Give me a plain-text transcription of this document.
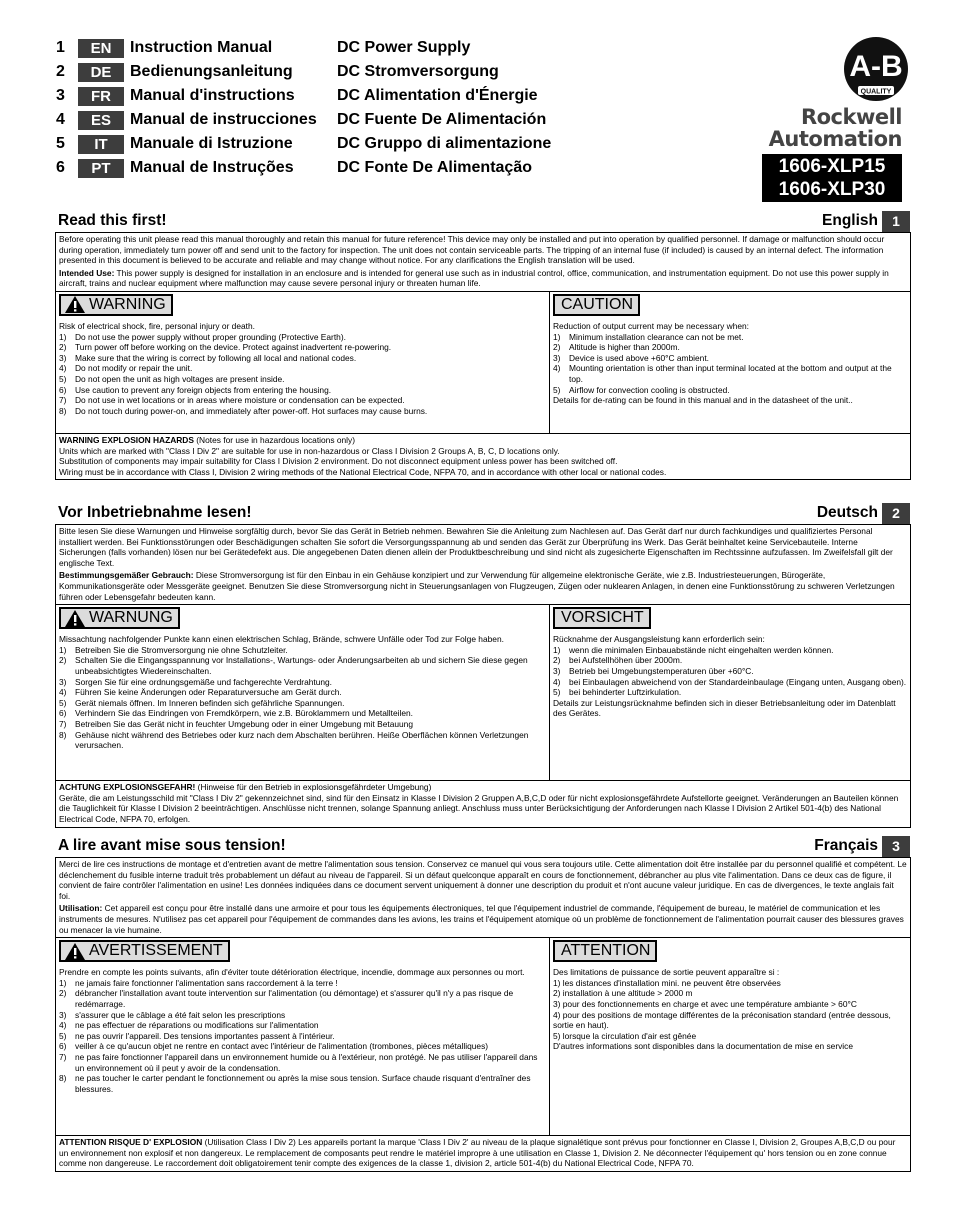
1	EN	Instruction Manual	DC Power Supply
2	DE	Bedienungsanleitung	DC Stromversorgung
3	FR	Manual d'instructions	DC Alimentation d'Énergie
4	ES	Manual de instrucciones	DC Fuente De Alimentación
5	IT	Manuale di Istruzione	DC Gruppo di alimentazione
6	PT	Manual de Instruções	DC Fonte De Alimentação
A-B
QUALITY
Rockwell
Automation
1606-XLP15
1606-XLP30
Read this first!	English	1

Before operating this unit please read this manual thoroughly and retain this manual for future reference! This device may only be installed and put into operation by qualified personnel. If damage or malfunction should occur during operation, immediately turn power off and send unit to the factory for inspection. The unit does not contain serviceable parts. The tripping of an internal fuse (if included) is caused by an internal defect. The information presented in this document is believed to be accurate and reliable and may change without notice. For any clarifications the English translation will be used.

Intended Use: This power supply is designed for installation in an enclosure and is intended for general use such as in industrial control, office, communication, and instrumentation equipment. Do not use this power supply in aircraft, trains and nuclear equipment where malfunction may cause severe personal injury or threaten human life.

WARNING
Risk of electrical shock, fire, personal injury or death.
1) Do not use the power supply without proper grounding (Protective Earth).
2) Turn power off before working on the device. Protect against inadvertent re-powering.
3) Make sure that the wiring is correct by following all local and national codes.
4) Do not modify or repair the unit.
5) Do not open the unit as high voltages are present inside.
6) Use caution to prevent any foreign objects from entering the housing.
7) Do not use in wet locations or in areas where moisture or condensation can be expected.
8) Do not touch during power-on, and immediately after power-off. Hot surfaces may cause burns.
CAUTION
Reduction of output current may be necessary when:
1) Minimum installation clearance can not be met.
2) Altitude is higher than 2000m.
3) Device is used above +60°C ambient.
4) Mounting orientation is other than input terminal located at the bottom and output at the top.
5) Airflow for convection cooling is obstructed.
Details for de-rating can be found in this manual and in the datasheet of the unit..

WARNING EXPLOSION HAZARDS (Notes for use in hazardous locations only)

Units which are marked with "Class I Div 2" are suitable for use in non-hazardous or Class I Division 2 Groups A, B, C, D locations only.

Substitution of components may impair suitability for Class I Division 2 environment. Do not disconnect equipment unless power has been switched off.

Wiring must be in accordance with Class I, Division 2 wiring methods of the National Electrical Code, NFPA 70, and in accordance with other local or national codes.

Vor Inbetriebnahme lesen!	Deutsch	2

Bitte lesen Sie diese Warnungen und Hinweise sorgfältig durch, bevor Sie das Gerät in Betrieb nehmen. Bewahren Sie die Anleitung zum Nachlesen auf. Das Gerät darf nur durch fachkundiges und qualifiziertes Personal installiert werden. Bei Funktionsstörungen oder Beschädigungen schalten Sie sofort die Versorgungsspannung ab und senden das Gerät zur Überprüfung ins Werk. Das Gerät beinhaltet keine Servicebauteile. Interne Sicherungen (falls vorhanden) lösen nur bei Gerätedefekt aus. Die angegebenen Daten dienen allein der Produktbeschreibung und sind nicht als zugesicherte Eigenschaften im Rechtssinne aufzufassen. Im Zweifelsfall gilt der englische Text.

Bestimmungsgemäßer Gebrauch: Diese Stromversorgung ist für den Einbau in ein Gehäuse konzipiert und zur Verwendung für allgemeine elektronische Geräte, wie z.B. Industriesteuerungen, Bürogeräte, Kommunikationsgeräte oder Messgeräte geeignet. Benutzen Sie diese Stromversorgung nicht in Steuerungsanlagen von Flugzeugen, Zügen oder nuklearen Anlagen, in denen eine Funktionsstörung zu schweren Verletzungen führen oder Lebensgefahr bedeuten kann.

WARNUNG
Missachtung nachfolgender Punkte kann einen elektrischen Schlag, Brände, schwere Unfälle oder Tod zur Folge haben.
1) Betreiben Sie die Stromversorgung nie ohne Schutzleiter.
2) Schalten Sie die Eingangsspannung vor Installations-, Wartungs- oder Änderungsarbeiten ab und sichern Sie diese gegen unbeabsichtigtes Wiedereinschalten.
3) Sorgen Sie für eine ordnungsgemäße und fachgerechte Verdrahtung.
4) Führen Sie keine Änderungen oder Reparaturversuche am Gerät durch.
5) Gerät niemals öffnen. Im Inneren befinden sich gefährliche Spannungen.
6) Verhindern Sie das Eindringen von Fremdkörpern, wie z.B. Büroklammern und Metallteilen.
7) Betreiben Sie das Gerät nicht in feuchter Umgebung oder in einer Umgebung mit Betauung
8) Gehäuse nicht während des Betriebes oder kurz nach dem Abschalten berühren. Heiße Oberflächen können Verletzungen verursachen.
VORSICHT
Rücknahme der Ausgangsleistung kann erforderlich sein:
1) wenn die minimalen Einbauabstände nicht eingehalten werden können.
2) bei Aufstellhöhen über 2000m.
3) Betrieb bei Umgebungstemperaturen über +60°C.
4) bei Einbaulagen abweichend von der Standardeinbaulage (Eingang unten, Ausgang oben).
5) bei behinderter Luftzirkulation.
Details zur Leistungsrücknahme befinden sich in dieser Betriebsanleitung oder im Datenblatt des Gerätes.

ACHTUNG EXPLOSIONSGEFAHR! (Hinweise für den Betrieb in explosionsgefährdeter Umgebung)

Geräte, die am Leistungsschild mit "Class I Div 2" gekennzeichnet sind, sind für den Einsatz in Klasse I Division 2 Gruppen A,B,C,D oder für nicht explosionsgefährdete Aufstellorte geeignet. Veränderungen an Bauteilen können die Tauglichkeit für Klasse I Division 2 beeinträchtigen. Anschlüsse nicht trennen, solange Spannung anliegt. Anschluss muss unter Berücksichtigung der Anforderungen nach Klasse I Division 2 Artikel 501-4(b) des National Electrical Code, NFPA 70, erfolgen.

A lire avant mise sous tension!	Français	3

Merci de lire ces instructions de montage et d'entretien avant de mettre l'alimentation sous tension. Conservez ce manuel qui vous sera toujours utile. Cette alimentation doit être installée par du personnel qualifié et compétent. Le déclenchement du fusible interne traduit très probablement un défaut au niveau de l'appareil. Si un défaut quelconque apparaît en cours de fonctionnement, débrancher au plus vite l'alimentation. Dans ce deux cas de figure, il convient de faire contrôler l'alimentation en usine! Les données indiquées dans ce document servent uniquement à donner une description du produit et n'ont aucune valeur juridique. En cas de divergences, le texte anglais fait foi.

Utilisation: Cet appareil est conçu pour être installé dans une armoire et pour tous les équipements électroniques, tel que l'équipement industriel de commande, l'équipement de bureau, le matériel de communication et les instruments de mesures. N'utilisez pas cet appareil pour l'équipement de commandes dans les avions, les trains et l'équipement atomique où un problème de fonctionnement de l'alimentation pourrait causer des blessures graves ou menacer la vie humaine.

AVERTISSEMENT
Prendre en compte les points suivants, afin d'éviter toute détérioration électrique, incendie, dommage aux personnes ou mort.
1) ne jamais faire fonctionner l'alimentation sans raccordement à la terre !
2) débrancher l'installation avant toute intervention sur l'alimentation (ou démontage) et s'assurer qu'il n'y a pas risque de redémarrage.
3) s'assurer que le câblage a été fait selon les prescriptions
4) ne pas effectuer de réparations ou modifications sur l'alimentation
5) ne pas ouvrir l'appareil. Des tensions importantes passent à l'intérieur.
6) veiller à ce qu'aucun objet ne rentre en contact avec l'intérieur de l'alimentation (trombones, pièces métalliques)
7) ne pas faire fonctionner l'appareil dans un environnement humide ou à l'extérieur, non protégé. Ne pas utiliser l'appareil dans un environnement où il peut y avoir de la condensation.
8) ne pas toucher le carter pendant le fonctionnement ou après la mise sous tension. Surface chaude risquant d'entraîner des blessures.
ATTENTION
Des limitations de puissance de sortie peuvent apparaître si :

1) les distances d'installation mini. ne peuvent être observées

2) installation à une altitude > 2000 m

3) pour des fonctionnements en charge et avec une température ambiante > 60°C

4) pour des positions de montage différentes de la préconisation standard (entrée dessous, sortie en haut).

5) lorsque la circulation d'air est gênée

D'autres informations sont disponibles dans la documentation de mise en service

ATTENTION RISQUE D' EXPLOSION (Utilisation Class I Div 2) Les appareils portant la marque 'Class I Div 2' au niveau de la plaque signalétique sont prévus pour fonctionner en Classe I, Division 2, Groupes A,B,C,D ou pour un environnement non explosif et non dangereux. Le remplacement de composants peut rendre le matériel impropre à une utilisation en Classe 1, Division 2. Ne déconnecter l'équipement qu' hors tension ou en zone connue comme non dangereuse. Le raccordement doit obligatoirement tenir compte des exigences de la classe 1, division 2, article 501-4(b) du National Electrical Code, NFPA 70.
